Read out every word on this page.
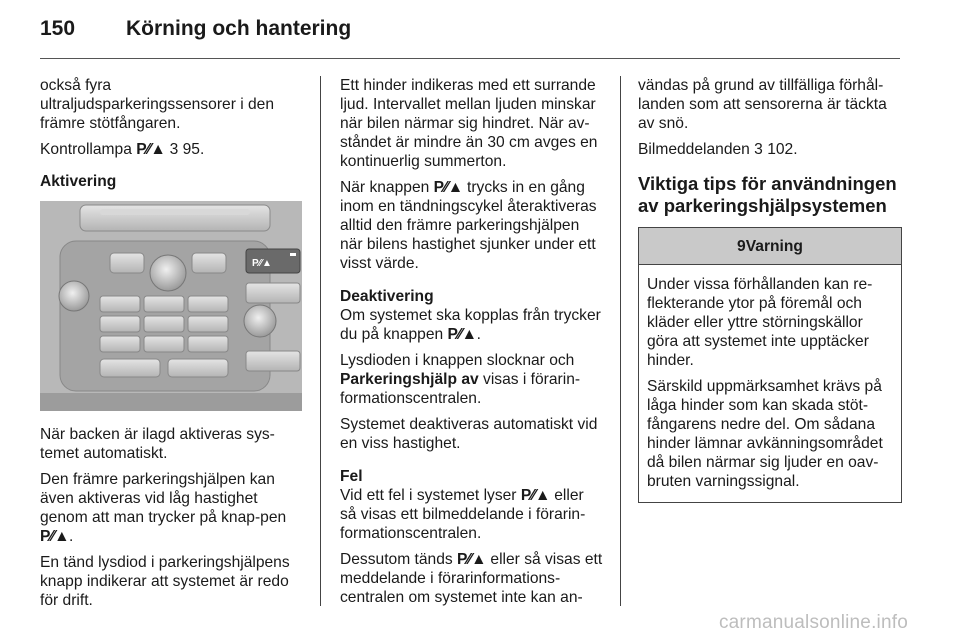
150 Körning och hantering

också fyra ultraljudsparkeringssensorer i den främre stötfångaren.

Kontrollampa P⁄⁄▲ 3 95.

Aktivering

P⁄⁄▲

När backen är ilagd aktiveras sys-temet automatiskt.

Den främre parkeringshjälpen kan även aktiveras vid låg hastighet genom att man trycker på knap-pen P⁄⁄▲.

En tänd lysdiod i parkeringshjälpens knapp indikerar att systemet är redo för drift.

Ett hinder indikeras med ett surrande ljud. Intervallet mellan ljuden minskar när bilen närmar sig hindret. När av-ståndet är mindre än 30 cm avges en kontinuerlig summerton.

När knappen P⁄⁄▲ trycks in en gång inom en tändningscykel återaktiveras alltid den främre parkeringshjälpen när bilens hastighet sjunker under ett visst värde.

Deaktivering

Om systemet ska kopplas från trycker du på knappen P⁄⁄▲.

Lysdioden i knappen slocknar och Parkeringshjälp av visas i förarin-formationscentralen.

Systemet deaktiveras automatiskt vid en viss hastighet.

Fel

Vid ett fel i systemet lyser P⁄⁄▲ eller så visas ett bilmeddelande i förarin-formationscentralen.

Dessutom tänds P⁄⁄▲ eller så visas ett meddelande i förarinformations-centralen om systemet inte kan an-

vändas på grund av tillfälliga förhål-landen som att sensorerna är täckta av snö.

Bilmeddelanden 3 102.

Viktiga tips för användningen av parkeringshjälpsystemen
9 Varning

Under vissa förhållanden kan re-flekterande ytor på föremål och kläder eller yttre störningskällor göra att systemet inte upptäcker hinder.

Särskild uppmärksamhet krävs på låga hinder som kan skada stöt-fångarens nedre del. Om sådana hinder lämnar avkänningsområdet då bilen närmar sig ljuder en oav-bruten varningssignal.

carmanualsonline.info
